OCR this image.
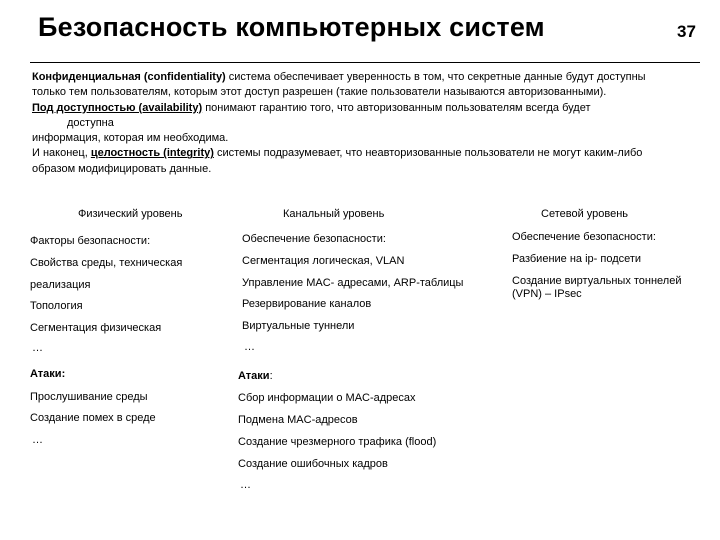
Безопасность компьютерных систем	37

Конфиденциальная (confidentiality) система обеспечивает уверенность в том, что секретные данные будут доступны только тем пользователям, которым этот доступ разрешен (такие пользователи называются авторизованными).

Под доступностью (availability) понимают гарантию того, что авторизованным пользователям всегда будет

доступна

информация, которая им необходима.

И наконец, целостность (integrity) системы подразумевает, что неавторизованные пользователи не могут каким-либо образом модифицировать данные.

Физический уровень	Канальный уровень	Сетевой уровень
Факторы безопасности:
Свойства среды, техническая
реализация
Топология
Сегментация физическая
…
Атаки:
Прослушивание среды
Создание помех в среде
…
Обеспечение безопасности:
Сегментация логическая, VLAN
Управление MAC- адресами, ARP-таблицы
Резервирование каналов
Виртуальные туннели
…
Атаки:
Сбор информации о MAC-адресах
Подмена MAC-адресов
Создание чрезмерного трафика (flood)
Создание ошибочных кадров
…
Обеспечение безопасности:
Разбиение на ip- подсети
Создание виртуальных тоннелей (VPN) – IPsec
